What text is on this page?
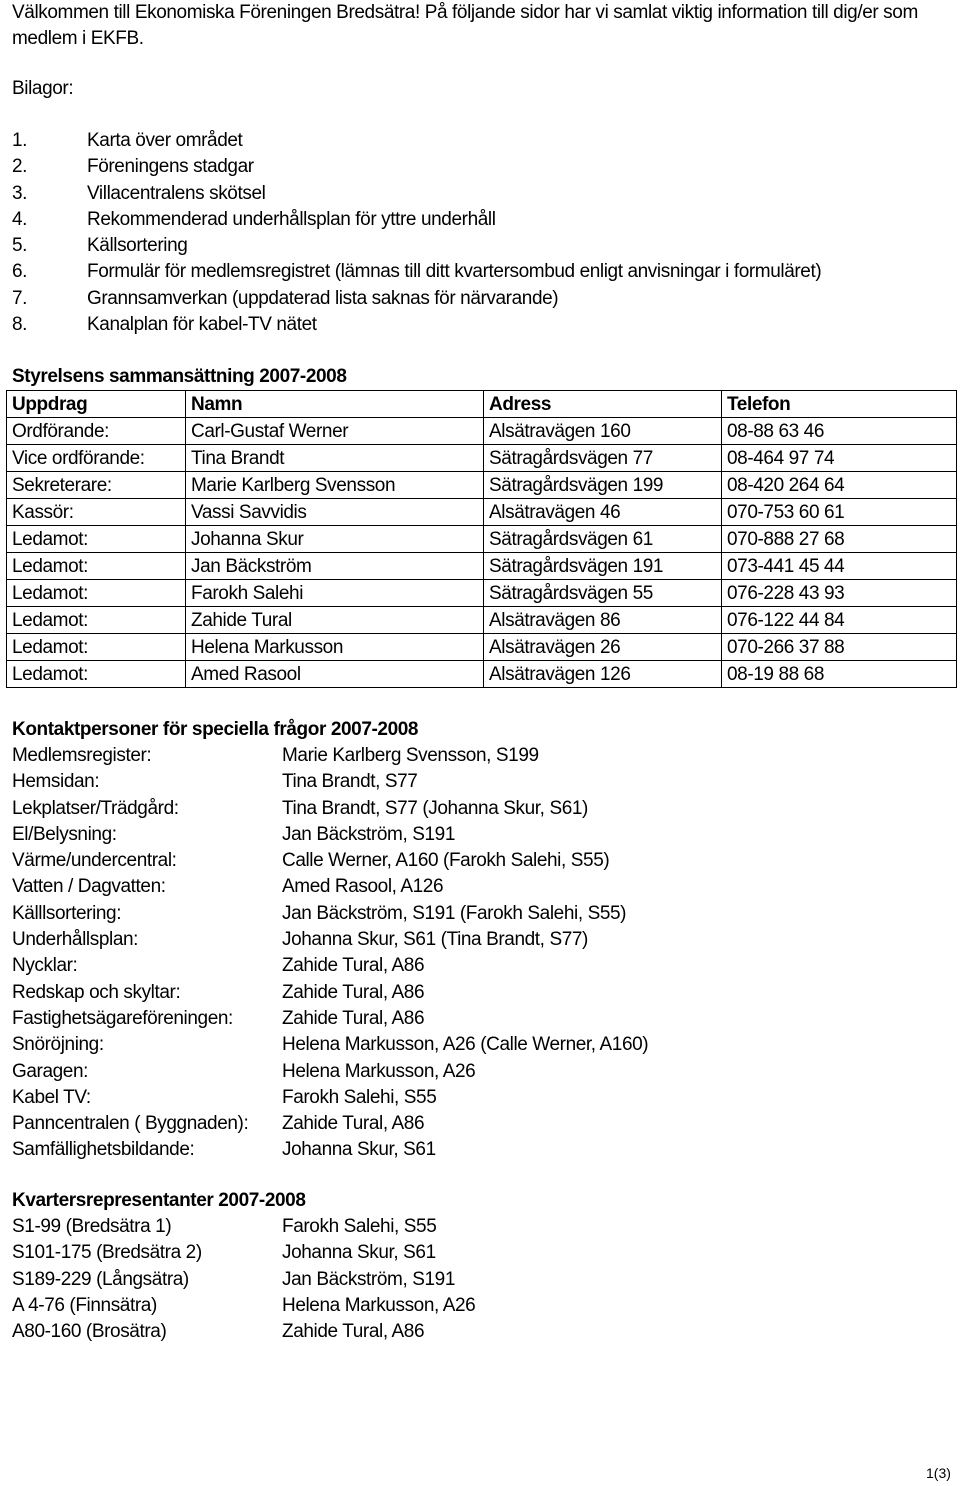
Välkommen till Ekonomiska Föreningen Bredsätra! På följande sidor har vi samlat viktig information till dig/er som medlem i EKFB.

Bilagor:
1.	Karta över området
2.	Föreningens stadgar
3.	Villacentralens skötsel
4.	Rekommenderad underhållsplan för yttre underhåll
5.	Källsortering
6.	Formulär för medlemsregistret (lämnas till ditt kvartersombud enligt anvisningar i formuläret)
7.	Grannsamverkan (uppdaterad lista saknas för närvarande)
8.	Kanalplan för kabel-TV nätet
Styrelsens sammansättning 2007-2008
Uppdrag	Namn	Adress	Telefon
Ordförande:	Carl-Gustaf Werner	Alsätravägen 160	08-88 63 46
Vice ordförande:	Tina Brandt	Sätragårdsvägen 77	08-464 97 74
Sekreterare:	Marie Karlberg Svensson	Sätragårdsvägen 199	08-420 264 64
Kassör:	Vassi Savvidis	Alsätravägen 46	070-753 60 61
Ledamot:	Johanna Skur	Sätragårdsvägen 61	070-888 27 68
Ledamot:	Jan Bäckström	Sätragårdsvägen 191	073-441 45 44
Ledamot:	Farokh Salehi	Sätragårdsvägen 55	076-228 43 93
Ledamot:	Zahide Tural	Alsätravägen 86	076-122 44 84
Ledamot:	Helena Markusson	Alsätravägen 26	070-266 37 88
Ledamot:	Amed Rasool	Alsätravägen 126	08-19 88 68
Kontaktpersoner för speciella frågor 2007-2008
Medlemsregister:	Marie Karlberg Svensson, S199
Hemsidan:	Tina Brandt, S77
Lekplatser/Trädgård:	Tina Brandt, S77 (Johanna Skur, S61)
El/Belysning:	Jan Bäckström, S191
Värme/undercentral:	Calle Werner, A160 (Farokh Salehi, S55)
Vatten / Dagvatten:	Amed Rasool, A126
Källlsortering:	Jan Bäckström, S191 (Farokh Salehi, S55)
Underhållsplan:	Johanna Skur, S61 (Tina Brandt, S77)
Nycklar:	Zahide Tural, A86
Redskap och skyltar:	Zahide Tural, A86
Fastighetsägareföreningen:	Zahide Tural, A86
Snöröjning:	Helena Markusson, A26 (Calle Werner, A160)
Garagen:	Helena Markusson, A26
Kabel TV:	Farokh Salehi, S55
Panncentralen ( Byggnaden): Zahide Tural, A86
Samfällighetsbildande:	Johanna Skur, S61
Kvartersrepresentanter 2007-2008
S1-99 (Bredsätra 1)	Farokh Salehi, S55
S101-175 (Bredsätra 2)	Johanna Skur, S61
S189-229 (Långsätra)	Jan Bäckström, S191
A 4-76 (Finnsätra)	Helena Markusson, A26
A80-160 (Brosätra)	Zahide Tural, A86
1(3)
